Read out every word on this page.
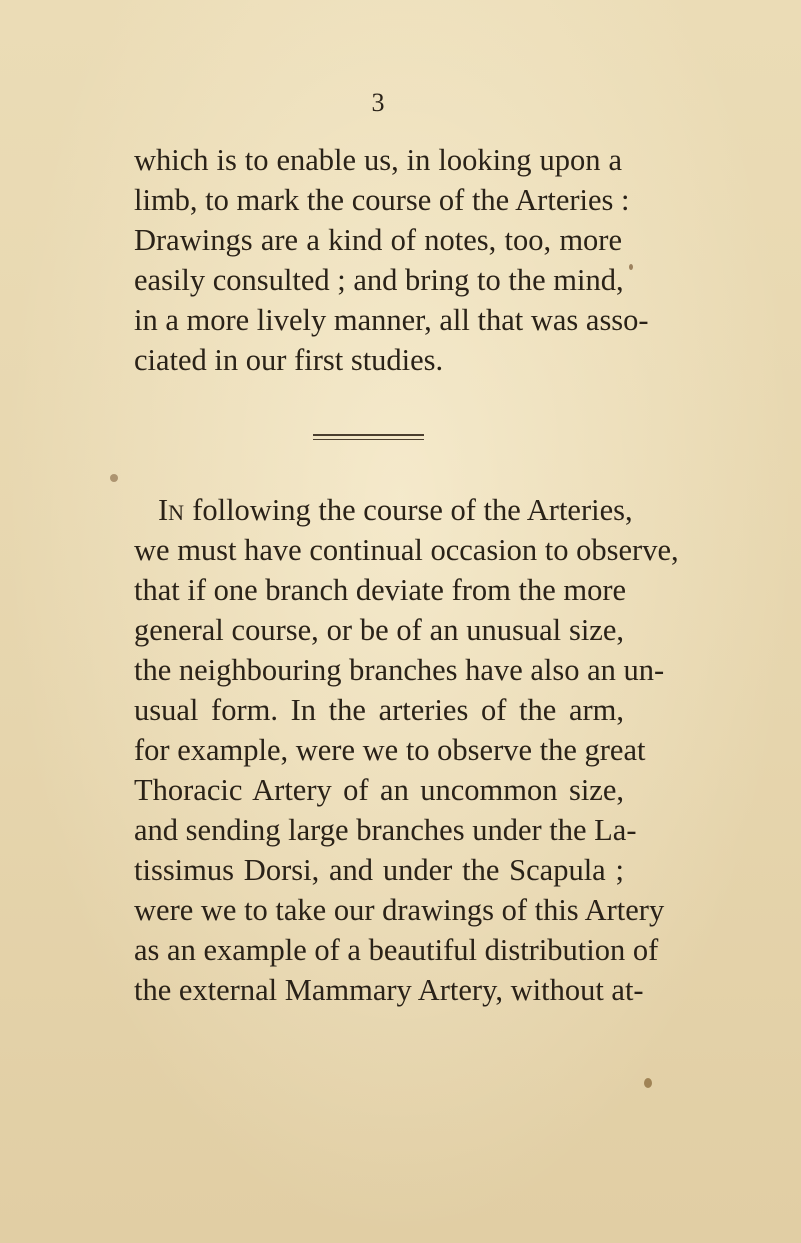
3
which is to enable us, in looking upon a
limb, to mark the course of the Arteries :
Drawings are a kind of notes, too, more
easily consulted ; and bring to the mind,
in a more lively manner, all that was asso-
ciated in our first studies.
IN following the course of the Arteries,
we must have continual occasion to observe,
that if one branch deviate from the more
general course, or be of an unusual size,
the neighbouring branches have also an un-
usual form. In the arteries of the arm,
for example, were we to observe the great
Thoracic Artery of an uncommon size,
and sending large branches under the La-
tissimus Dorsi, and under the Scapula ;
were we to take our drawings of this Artery
as an example of a beautiful distribution of
the external Mammary Artery, without at-
